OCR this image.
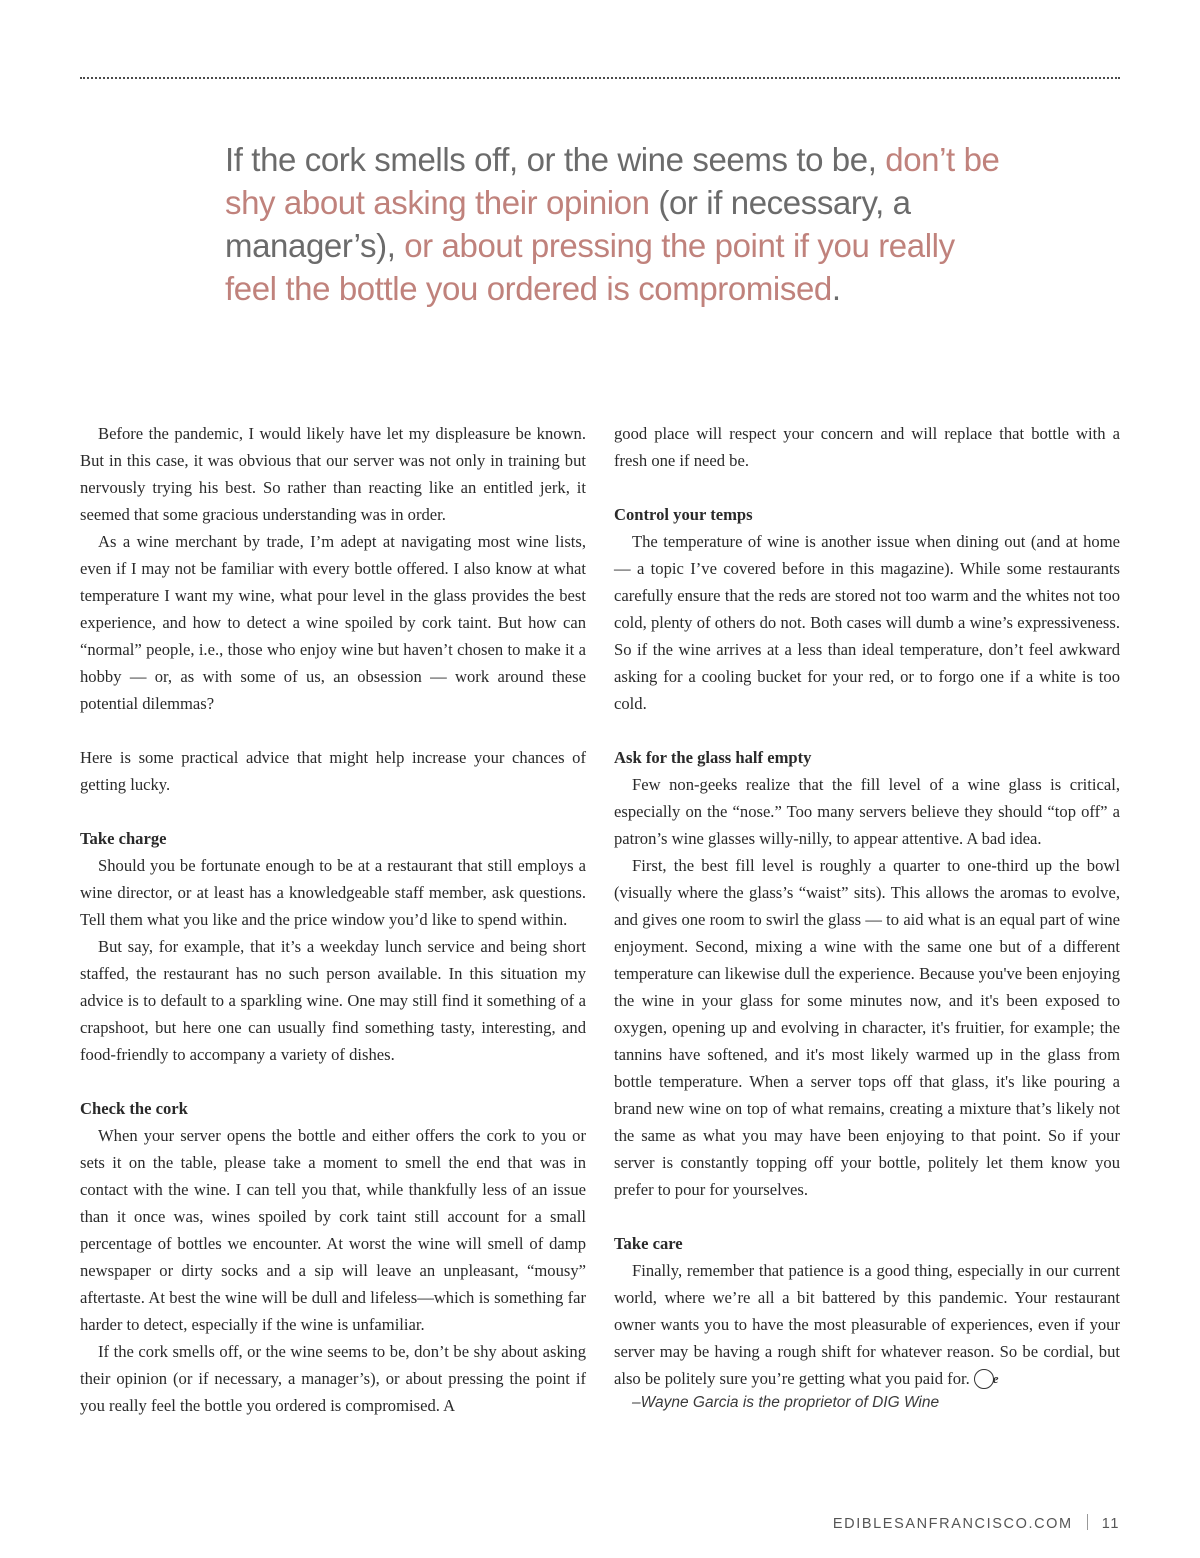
If the cork smells off, or the wine seems to be, don’t be shy about asking their opinion (or if necessary, a manager’s), or about pressing the point if you really feel the bottle you ordered is compromised.

Before the pandemic, I would likely have let my displeasure be known. But in this case, it was obvious that our server was not only in training but nervously trying his best. So rather than reacting like an entitled jerk, it seemed that some gracious understanding was in order.

As a wine merchant by trade, I’m adept at navigating most wine lists, even if I may not be familiar with every bottle offered. I also know at what temperature I want my wine, what pour level in the glass provides the best experience, and how to detect a wine spoiled by cork taint. But how can “normal” people, i.e., those who enjoy wine but haven’t chosen to make it a hobby — or, as with some of us, an obsession — work around these potential dilemmas?

Here is some practical advice that might help increase your chances of getting lucky.

Take charge

Should you be fortunate enough to be at a restaurant that still employs a wine director, or at least has a knowledgeable staff member, ask questions. Tell them what you like and the price window you’d like to spend within.

But say, for example, that it’s a weekday lunch service and being short staffed, the restaurant has no such person available. In this situation my advice is to default to a sparkling wine. One may still find it something of a crapshoot, but here one can usually find something tasty, interesting, and food-friendly to accompany a variety of dishes.

Check the cork

When your server opens the bottle and either offers the cork to you or sets it on the table, please take a moment to smell the end that was in contact with the wine. I can tell you that, while thankfully less of an issue than it once was, wines spoiled by cork taint still account for a small percentage of bottles we encounter. At worst the wine will smell of damp newspaper or dirty socks and a sip will leave an unpleasant, “mousy” aftertaste. At best the wine will be dull and lifeless—which is something far harder to detect, especially if the wine is unfamiliar.

If the cork smells off, or the wine seems to be, don’t be shy about asking their opinion (or if necessary, a manager’s), or about pressing the point if you really feel the bottle you ordered is compromised. A

good place will respect your concern and will replace that bottle with a fresh one if need be.

Control your temps

The temperature of wine is another issue when dining out (and at home — a topic I’ve covered before in this magazine). While some restaurants carefully ensure that the reds are stored not too warm and the whites not too cold, plenty of others do not. Both cases will dumb a wine’s expressiveness. So if the wine arrives at a less than ideal temperature, don’t feel awkward asking for a cooling bucket for your red, or to forgo one if a white is too cold.

Ask for the glass half empty

Few non-geeks realize that the fill level of a wine glass is critical, especially on the “nose.” Too many servers believe they should “top off” a patron’s wine glasses willy-nilly, to appear attentive. A bad idea.

First, the best fill level is roughly a quarter to one-third up the bowl (visually where the glass’s “waist” sits). This allows the aromas to evolve, and gives one room to swirl the glass — to aid what is an equal part of wine enjoyment. Second, mixing a wine with the same one but of a different temperature can likewise dull the experience. Because you've been enjoying the wine in your glass for some minutes now, and it's been exposed to oxygen, opening up and evolving in character, it's fruitier, for example; the tannins have softened, and it's most likely warmed up in the glass from bottle temperature. When a server tops off that glass, it's like pouring a brand new wine on top of what remains, creating a mixture that’s likely not the same as what you may have been enjoying to that point. So if your server is constantly topping off your bottle, politely let them know you prefer to pour for yourselves.

Take care

Finally, remember that patience is a good thing, especially in our current world, where we’re all a bit battered by this pandemic. Your restaurant owner wants you to have the most pleasurable of experiences, even if your server may be having a rough shift for whatever reason. So be cordial, but also be politely sure you’re getting what you paid for. e

–Wayne Garcia is the proprietor of DIG Wine

EDIBLESANFRANCISCO.COM 11
